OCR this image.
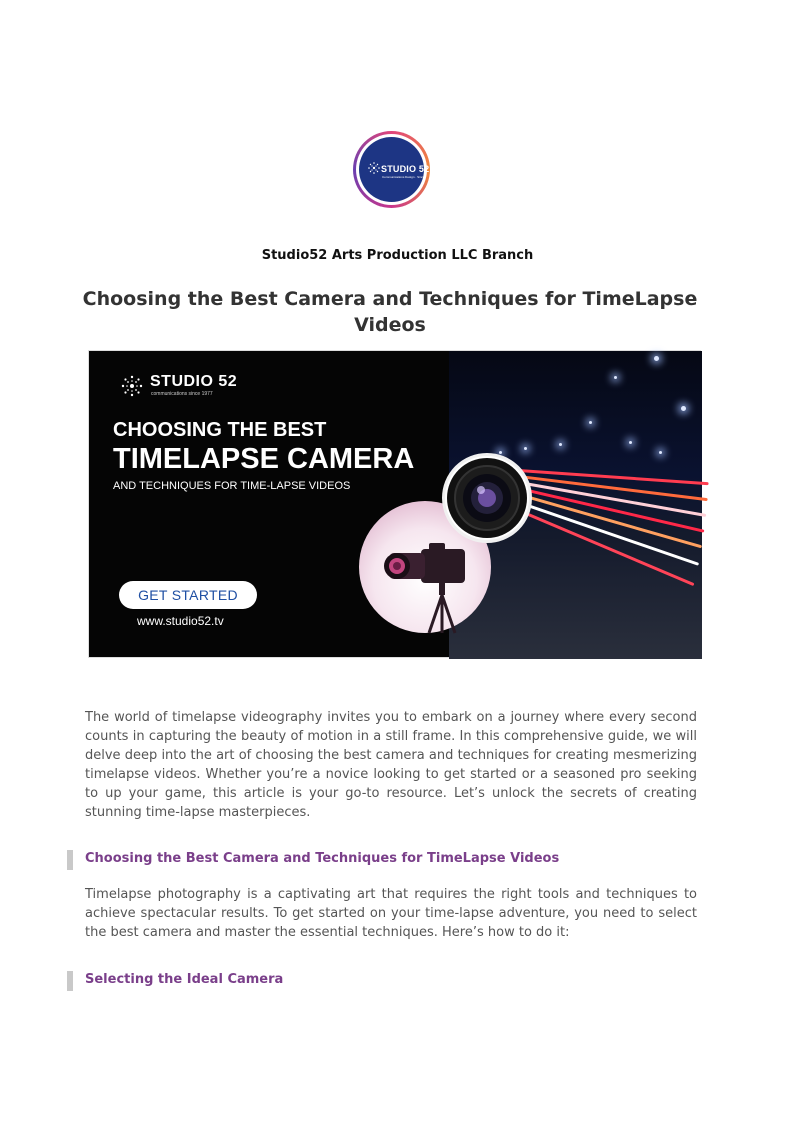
STUDIO 52
Communications Design · Since
Studio52 Arts Production LLC Branch
Choosing the Best Camera and Techniques for TimeLapse Videos
STUDIO 52
communications since 1977
CHOOSING THE BEST
TIMELAPSE CAMERA
AND TECHNIQUES FOR TIME-LAPSE VIDEOS
GET STARTED
www.studio52.tv

The world of timelapse videography invites you to embark on a journey where every second counts in capturing the beauty of motion in a still frame. In this comprehensive guide, we will delve deep into the art of choosing the best camera and techniques for creating mesmerizing timelapse videos. Whether you’re a novice looking to get started or a seasoned pro seeking to up your game, this article is your go-to resource. Let’s unlock the secrets of creating stunning time-lapse masterpieces.

Choosing the Best Camera and Techniques for TimeLapse Videos

Timelapse photography is a captivating art that requires the right tools and techniques to achieve spectacular results. To get started on your time-lapse adventure, you need to select the best camera and master the essential techniques. Here’s how to do it:

Selecting the Ideal Camera
